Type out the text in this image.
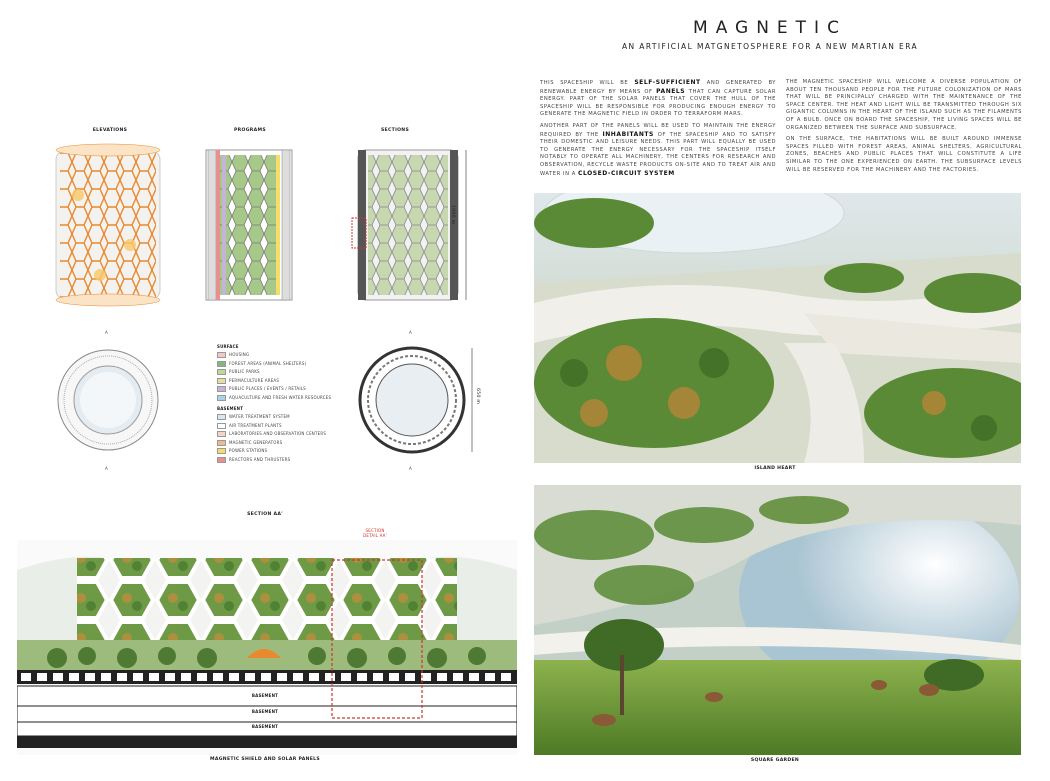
MAGNETIC
AN ARTIFICIAL MATGNETOSPHERE FOR A NEW MARTIAN ERA

THIS SPACESHIP WILL BE SELF-SUFFICIENT AND GENERATED BY RENEWABLE ENERGY BY MEANS OF PANELS THAT CAN CAPTURE SOLAR ENERGY. PART OF THE SOLAR PANELS THAT COVER THE HULL OF THE SPACESHIP WILL BE RESPONSIBLE FOR PRODUCING ENOUGH ENERGY TO GENERATE THE MAGNETIC FIELD IN ORDER TO TERRAFORM MARS.

ANOTHER PART OF THE PANELS WILL BE USED TO MAINTAIN THE ENERGY REQUIRED BY THE INHABITANTS OF THE SPACESHIP AND TO SATISFY THEIR DOMESTIC AND LEISURE NEEDS. THIS PART WILL EQUALLY BE USED TO GENERATE THE ENERGY NECESSARY FOR THE SPACESHIP ITSELF NOTABLY TO OPERATE ALL MACHINERY, THE CENTERS FOR RESEARCH AND OBSERVATION, RECYCLE WASTE PRODUCTS ON-SITE AND TO TREAT AIR AND WATER IN A CLOSED-CIRCUIT SYSTEM

THE MAGNETIC SPACESHIP WILL WELCOME A DIVERSE POPULATION OF ABOUT TEN THOUSAND PEOPLE FOR THE FUTURE COLONIZATION OF MARS THAT WILL BE PRINCIPALLY CHARGED WITH THE MAINTENANCE OF THE SPACE CENTER. THE HEAT AND LIGHT WILL BE TRANSMITTED THROUGH SIX GIGANTIC COLUMNS IN THE HEART OF THE ISLAND SUCH AS THE FILAMENTS OF A BULB. ONCE ON BOARD THE SPACESHIP, THE LIVING SPACES WILL BE ORGANIZED BETWEEN THE SURFACE AND SUBSURFACE.

ON THE SURFACE, THE HABITATIONS WILL BE BUILT AROUND IMMENSE SPACES FILLED WITH FOREST AREAS, ANIMAL SHELTERS, AGRICULTURAL ZONES, BEACHES AND PUBLIC PLACES THAT WILL CONSTITUTE A LIFE SIMILAR TO THE ONE EXPERIENCED ON EARTH. THE SUBSURFACE LEVELS WILL BE RESERVED FOR THE MACHINERY AND THE FACTORIES.

ELEVATIONS	PROGRAMS	SECTIONS
1000 m
A
A
A
A
650 m
SURFACE
HOUSING
FOREST AREAS (ANIMAL SHELTERS)
PUBLIC PARKS
PERMACULTURE AREAS
PUBLIC PLACES / EVENTS / RETAILS
AQUACULTURE AND FRESH WATER RESOURCES
BASEMENT
WATER TREATMENT SYSTEM
AIR TREATMENT PLANTS
LABORATORIES AND OBSERVATION CENTERS
MAGNETIC GENERATORS
POWER STATIONS
REACTORS AND THRUSTERS
SECTION AA'
SECTION DETAIL AA'
BASEMENT
BASEMENT
BASEMENT
MAGNETIC SHIELD AND SOLAR PANELS
ISLAND HEART
SQUARE GARDEN
